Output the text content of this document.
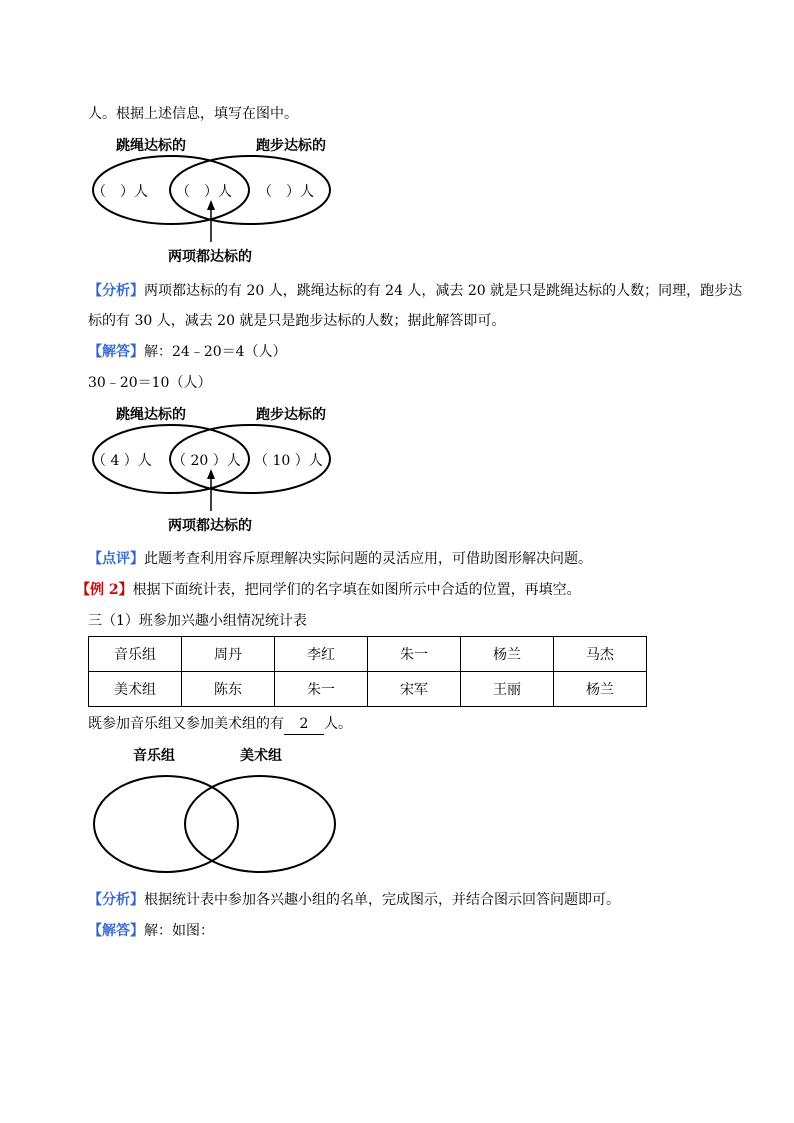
人。根据上述信息，填写在图中。
跳绳达标的	跑步达标的
（　）人 （　）人 （　）人
两项都达标的
【分析】两项都达标的有 20 人，跳绳达标的有 24 人，减去 20 就是只是跳绳达标的人数；同理，跑步达
标的有 30 人，减去 20 就是只是跑步达标的人数；据此解答即可。
【解答】解：24﹣20＝4（人）
30﹣20＝10（人）
跳绳达标的	跑步达标的
（ 4 ）人 （ 20 ）人 （ 10 ）人
两项都达标的
【点评】此题考查利用容斥原理解决实际问题的灵活应用，可借助图形解决问题。
【例 2】根据下面统计表，把同学们的名字填在如图所示中合适的位置，再填空。
三（1）班参加兴趣小组情况统计表
音乐组	周丹	李红	朱一	杨兰	马杰
美术组	陈东	朱一	宋军	王丽	杨兰
既参加音乐组又参加美术组的有 2 人。
音乐组	美术组
【分析】根据统计表中参加各兴趣小组的名单，完成图示，并结合图示回答问题即可。
【解答】解：如图：
